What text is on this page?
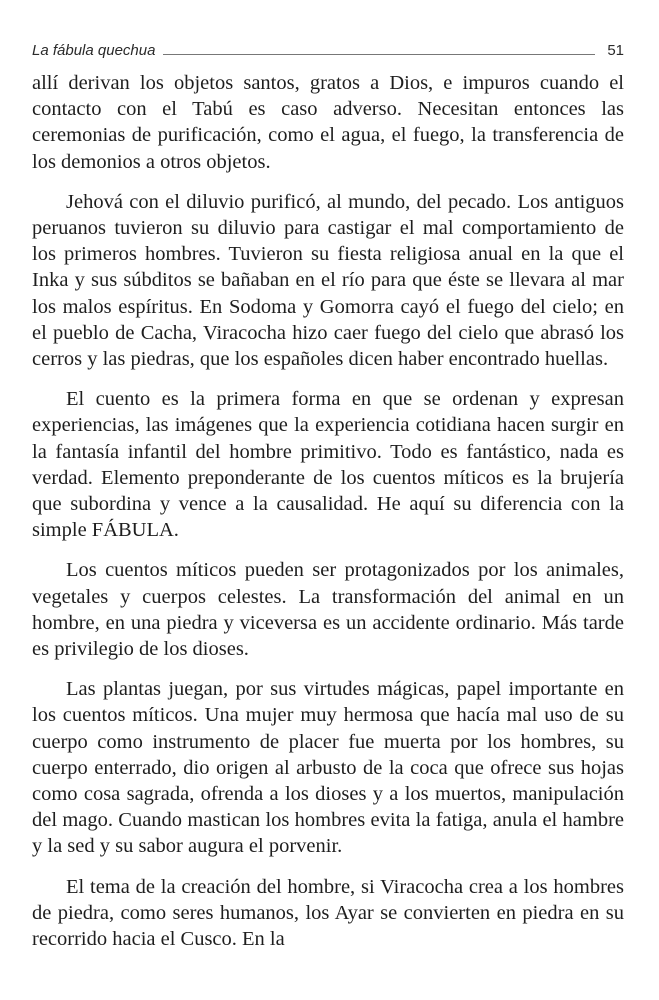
La fábula quechua	51

allí derivan los objetos santos, gratos a Dios, e impuros cuando el contacto con el Tabú es caso adverso. Necesitan entonces las ceremonias de purificación, como el agua, el fuego, la transferencia de los demonios a otros objetos.

Jehová con el diluvio purificó, al mundo, del pecado. Los antiguos peruanos tuvieron su diluvio para castigar el mal comportamiento de los primeros hombres. Tuvieron su fiesta religiosa anual en la que el Inka y sus súbditos se bañaban en el río para que éste se llevara al mar los malos espíritus. En Sodoma y Gomorra cayó el fuego del cielo; en el pueblo de Cacha, Viracocha hizo caer fuego del cielo que abrasó los cerros y las piedras, que los españoles dicen haber encontrado huellas.

El cuento es la primera forma en que se ordenan y expresan experiencias, las imágenes que la experiencia cotidiana hacen surgir en la fantasía infantil del hombre primitivo. Todo es fantástico, nada es verdad. Elemento preponderante de los cuentos míticos es la brujería que subordina y vence a la causalidad. He aquí su diferencia con la simple FÁBULA.

Los cuentos míticos pueden ser protagonizados por los animales, vegetales y cuerpos celestes. La transformación del animal en un hombre, en una piedra y viceversa es un accidente ordinario. Más tarde es privilegio de los dioses.

Las plantas juegan, por sus virtudes mágicas, papel importante en los cuentos míticos. Una mujer muy hermosa que hacía mal uso de su cuerpo como instrumento de placer fue muerta por los hombres, su cuerpo enterrado, dio origen al arbusto de la coca que ofrece sus hojas como cosa sagrada, ofrenda a los dioses y a los muertos, manipulación del mago. Cuando mastican los hombres evita la fatiga, anula el hambre y la sed y su sabor augura el porvenir.

El tema de la creación del hombre, si Viracocha crea a los hombres de piedra, como seres humanos, los Ayar se convierten en piedra en su recorrido hacia el Cusco. En la
